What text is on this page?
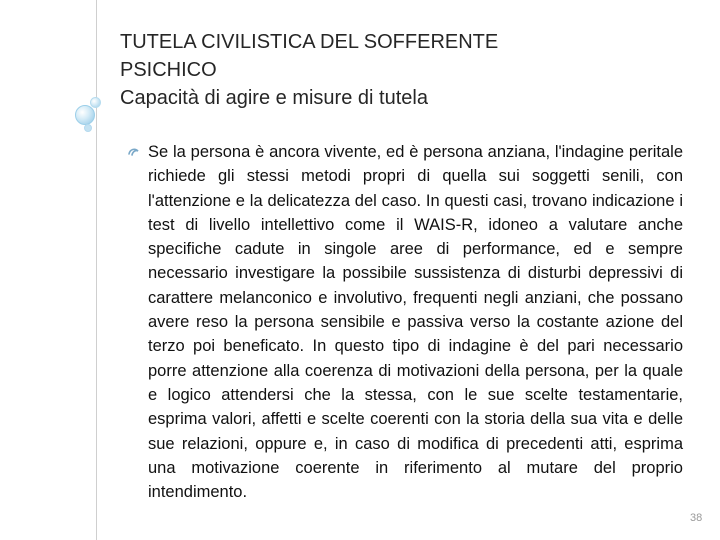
TUTELA CIVILISTICA DEL SOFFERENTE
PSICHICO
Capacità di agire e misure di tutela

Se la persona è ancora vivente, ed è persona anziana, l'indagine peritale richiede gli stessi metodi propri di quella sui soggetti senili, con l'attenzione e la delicatezza del caso. In questi casi, trovano indicazione i test di livello intellettivo come il WAIS-R, idoneo a valutare anche specifiche cadute in singole aree di performance, ed e sempre necessario investigare la possibile sussistenza di disturbi depressivi di carattere melanconico e involutivo, frequenti negli anziani, che possano avere reso la persona sensibile e passiva verso la costante azione del terzo poi beneficato. In questo tipo di indagine è del pari necessario porre attenzione alla coerenza di motivazioni della persona, per la quale e logico attendersi che la stessa, con le sue scelte testamentarie, esprima valori, affetti e scelte coerenti con la storia della sua vita e delle sue relazioni, oppure e, in caso di modifica di precedenti atti, esprima una motivazione coerente in riferimento al mutare del proprio intendimento.

38
